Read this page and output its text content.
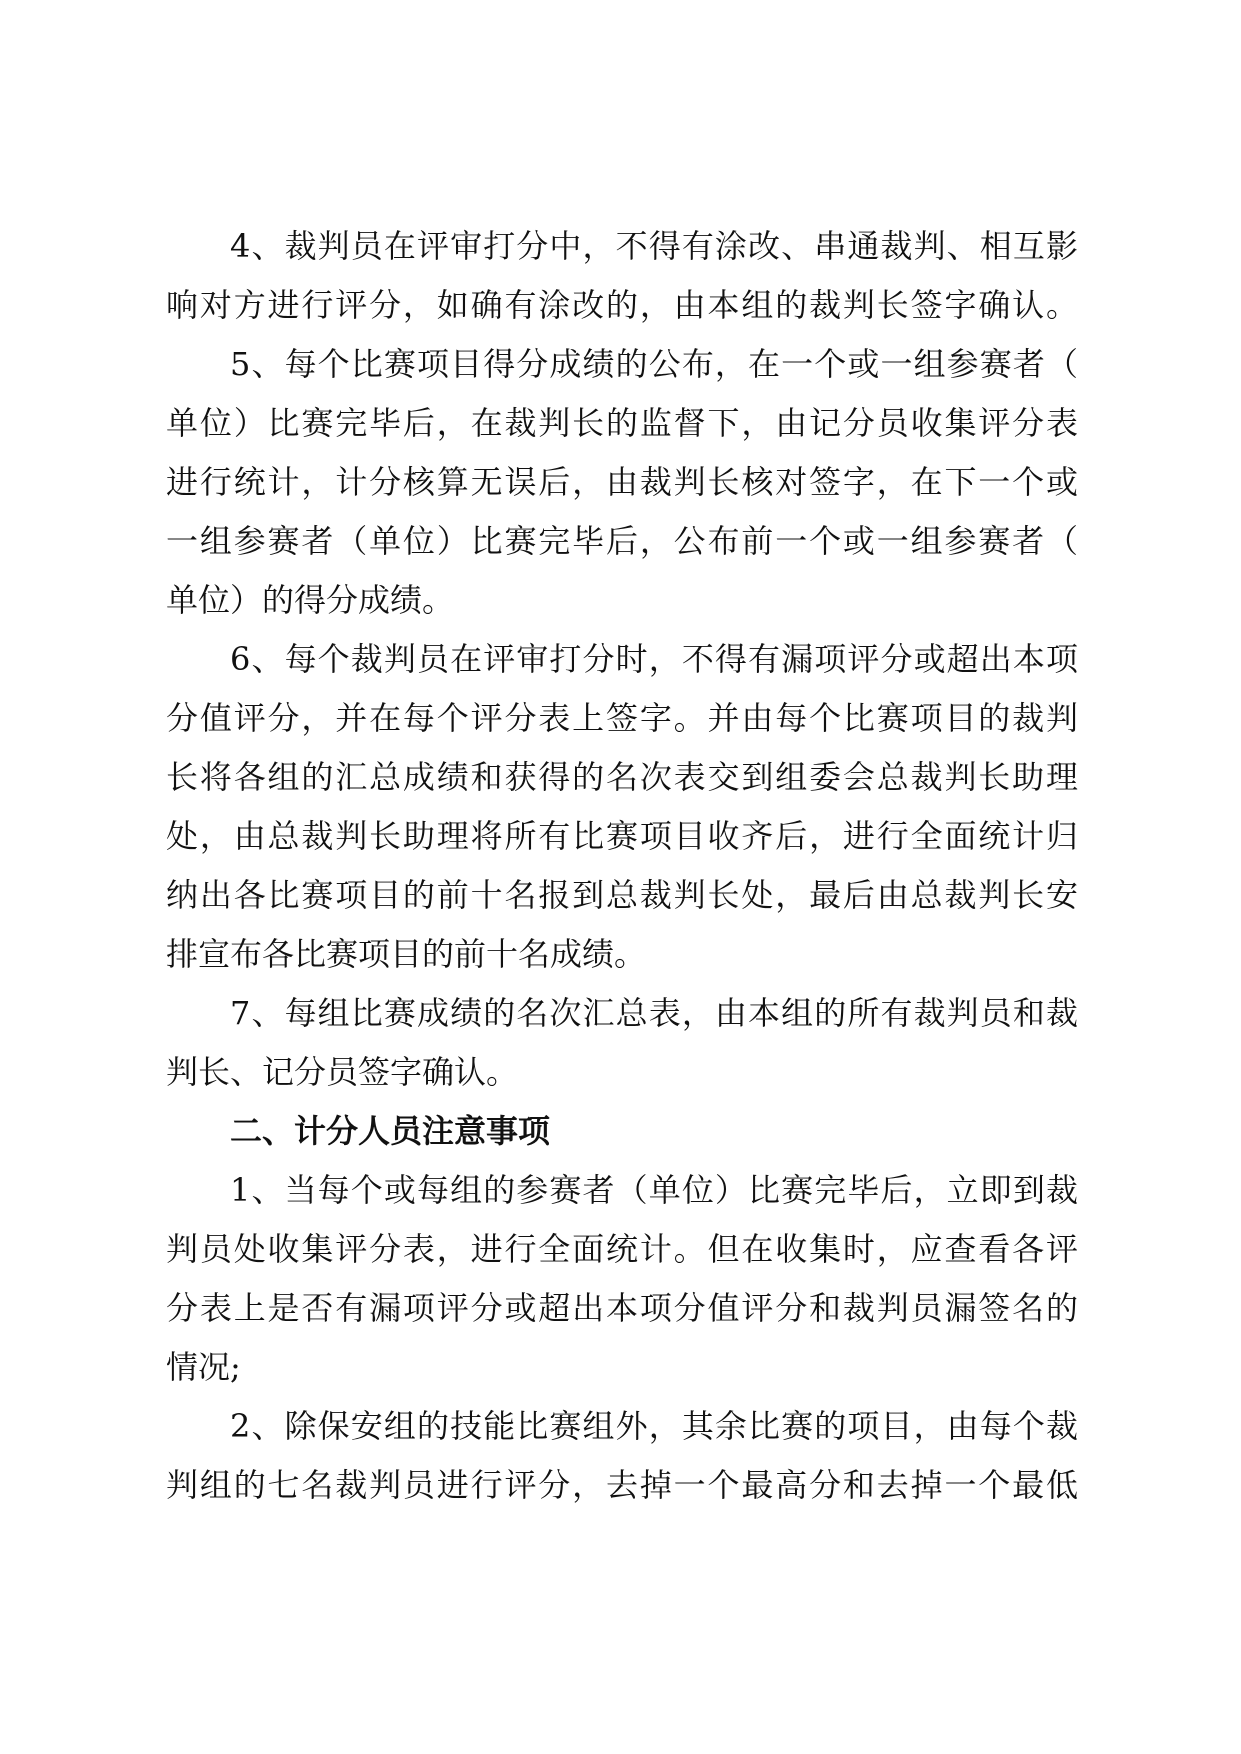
4、裁判员在评审打分中，不得有涂改、串通裁判、相互影
响对方进行评分，如确有涂改的，由本组的裁判长签字确认。
5、每个比赛项目得分成绩的公布，在一个或一组参赛者（
单位）比赛完毕后，在裁判长的监督下，由记分员收集评分表
进行统计，计分核算无误后，由裁判长核对签字，在下一个或
一组参赛者（单位）比赛完毕后，公布前一个或一组参赛者（
单位）的得分成绩。
6、每个裁判员在评审打分时，不得有漏项评分或超出本项
分值评分，并在每个评分表上签字。并由每个比赛项目的裁判
长将各组的汇总成绩和获得的名次表交到组委会总裁判长助理
处，由总裁判长助理将所有比赛项目收齐后，进行全面统计归
纳出各比赛项目的前十名报到总裁判长处，最后由总裁判长安
排宣布各比赛项目的前十名成绩。
7、每组比赛成绩的名次汇总表，由本组的所有裁判员和裁
判长、记分员签字确认。
二、计分人员注意事项
1、当每个或每组的参赛者（单位）比赛完毕后，立即到裁
判员处收集评分表，进行全面统计。但在收集时，应查看各评
分表上是否有漏项评分或超出本项分值评分和裁判员漏签名的
情况;
2、除保安组的技能比赛组外，其余比赛的项目，由每个裁
判组的七名裁判员进行评分，去掉一个最高分和去掉一个最低
